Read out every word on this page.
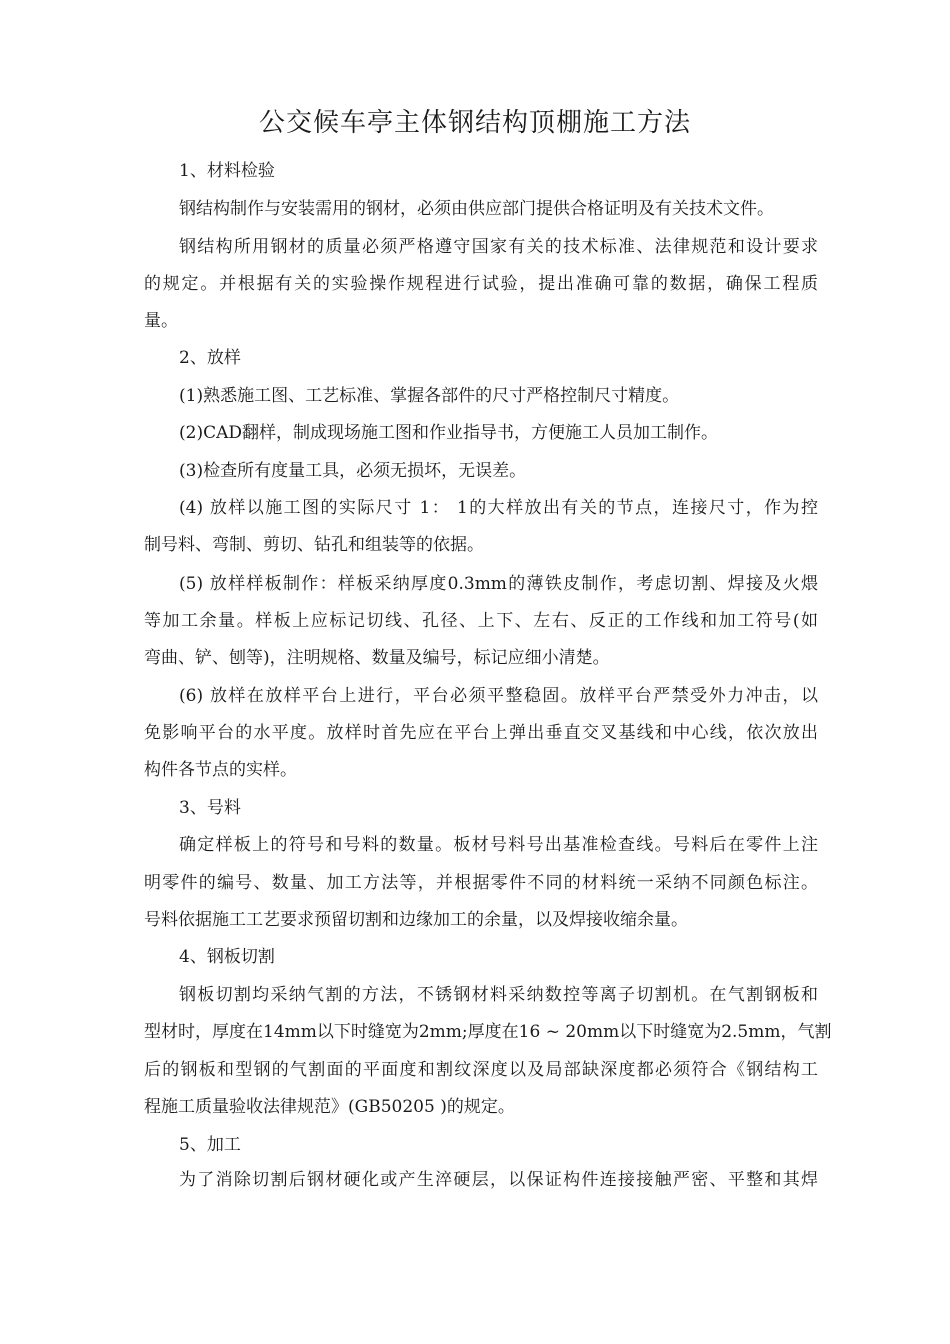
公交候车亭主体钢结构顶棚施工方法
1、材料检验
钢结构制作与安装需用的钢材，必须由供应部门提供合格证明及有关技术文件。
钢结构所用钢材的质量必须严格遵守国家有关的技术标准、法律规范和设计要求
的规定。并根据有关的实验操作规程进行试验，提出准确可靠的数据，确保工程质
量。
2、放样
(1)熟悉施工图、工艺标准、掌握各部件的尺寸严格控制尺寸精度。
(2)CAD翻样，制成现场施工图和作业指导书，方便施工人员加工制作。
(3)检查所有度量工具，必须无损坏，无误差。
(4) 放样以施工图的实际尺寸 1： 1的大样放出有关的节点，连接尺寸，作为控
制号料、弯制、剪切、钻孔和组装等的依据。
(5) 放样样板制作：样板采纳厚度0.3mm的薄铁皮制作，考虑切割、焊接及火煨
等加工余量。样板上应标记切线、孔径、上下、左右、反正的工作线和加工符号(如
弯曲、铲、刨等)，注明规格、数量及编号，标记应细小清楚。
(6) 放样在放样平台上进行，平台必须平整稳固。放样平台严禁受外力冲击，以
免影响平台的水平度。放样时首先应在平台上弹出垂直交叉基线和中心线，依次放出
构件各节点的实样。
3、号料
确定样板上的符号和号料的数量。板材号料号出基准检查线。号料后在零件上注
明零件的编号、数量、加工方法等，并根据零件不同的材料统一采纳不同颜色标注。
号料依据施工工艺要求预留切割和边缘加工的余量，以及焊接收缩余量。
4、钢板切割
钢板切割均采纳气割的方法，不锈钢材料采纳数控等离子切割机。在气割钢板和
型材时，厚度在14mm以下时缝宽为2mm;厚度在16 ~ 20mm以下时缝宽为2.5mm，气割
后的钢板和型钢的气割面的平面度和割纹深度以及局部缺深度都必须符合《钢结构工
程施工质量验收法律规范》(GB50205 )的规定。
5、加工
为了消除切割后钢材硬化或产生淬硬层，以保证构件连接接触严密、平整和其焊
